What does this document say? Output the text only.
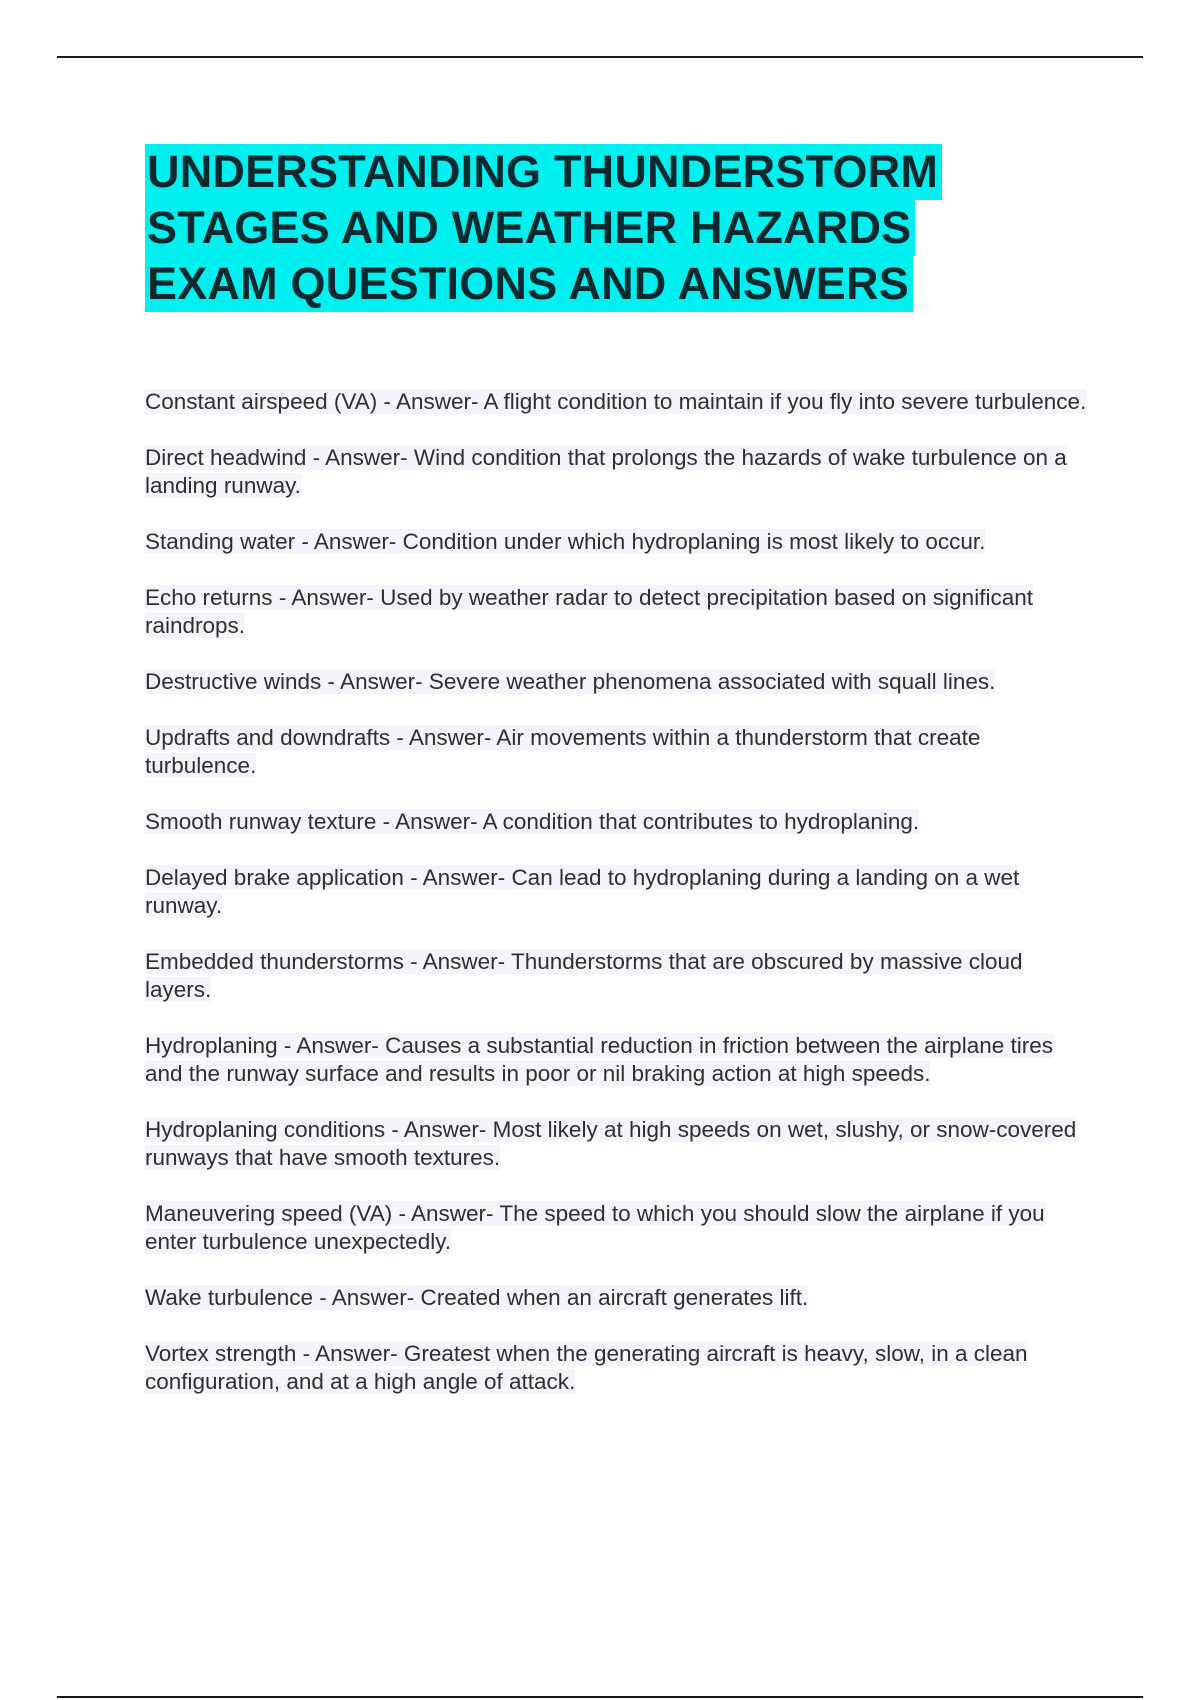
UNDERSTANDING THUNDERSTORM
STAGES AND WEATHER HAZARDS
EXAM QUESTIONS AND ANSWERS
Constant airspeed (VA) - Answer- A flight condition to maintain if you fly into severe turbulence.
Direct headwind - Answer- Wind condition that prolongs the hazards of wake turbulence on a landing runway.
Standing water - Answer- Condition under which hydroplaning is most likely to occur.
Echo returns - Answer- Used by weather radar to detect precipitation based on significant raindrops.
Destructive winds - Answer- Severe weather phenomena associated with squall lines.
Updrafts and downdrafts - Answer- Air movements within a thunderstorm that create turbulence.
Smooth runway texture - Answer- A condition that contributes to hydroplaning.
Delayed brake application - Answer- Can lead to hydroplaning during a landing on a wet runway.
Embedded thunderstorms - Answer- Thunderstorms that are obscured by massive cloud layers.
Hydroplaning - Answer- Causes a substantial reduction in friction between the airplane tires and the runway surface and results in poor or nil braking action at high speeds.
Hydroplaning conditions - Answer- Most likely at high speeds on wet, slushy, or snow-covered runways that have smooth textures.
Maneuvering speed (VA) - Answer- The speed to which you should slow the airplane if you enter turbulence unexpectedly.
Wake turbulence - Answer- Created when an aircraft generates lift.
Vortex strength - Answer- Greatest when the generating aircraft is heavy, slow, in a clean configuration, and at a high angle of attack.
